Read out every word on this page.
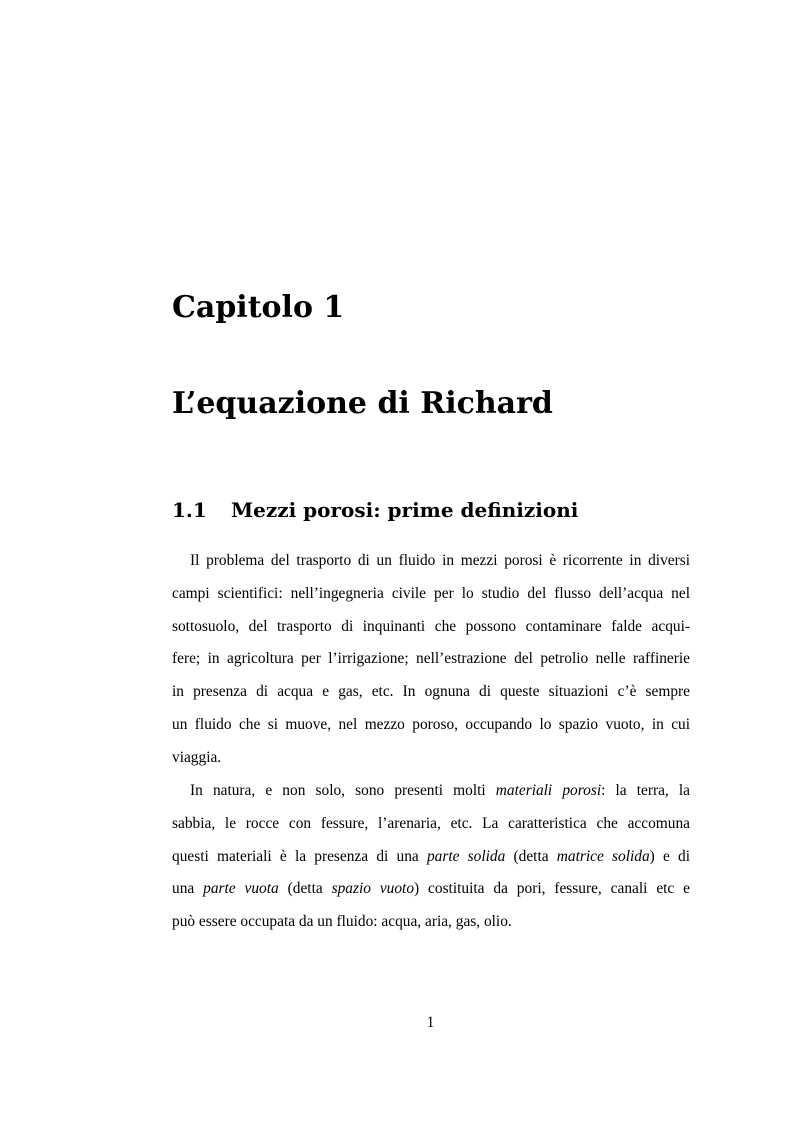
Capitolo 1
L’equazione di Richard
1.1 Mezzi porosi: prime definizioni
Il problema del trasporto di un fluido in mezzi porosi è ricorrente in diversi
campi scientifici: nell’ingegneria civile per lo studio del flusso dell’acqua nel
sottosuolo, del trasporto di inquinanti che possono contaminare falde acqui-
fere; in agricoltura per l’irrigazione; nell’estrazione del petrolio nelle raffinerie
in presenza di acqua e gas, etc. In ognuna di queste situazioni c’è sempre
un fluido che si muove, nel mezzo poroso, occupando lo spazio vuoto, in cui
viaggia.
In natura, e non solo, sono presenti molti materiali porosi: la terra, la
sabbia, le rocce con fessure, l’arenaria, etc. La caratteristica che accomuna
questi materiali è la presenza di una parte solida (detta matrice solida) e di
una parte vuota (detta spazio vuoto) costituita da pori, fessure, canali etc e
può essere occupata da un fluido: acqua, aria, gas, olio.
1
